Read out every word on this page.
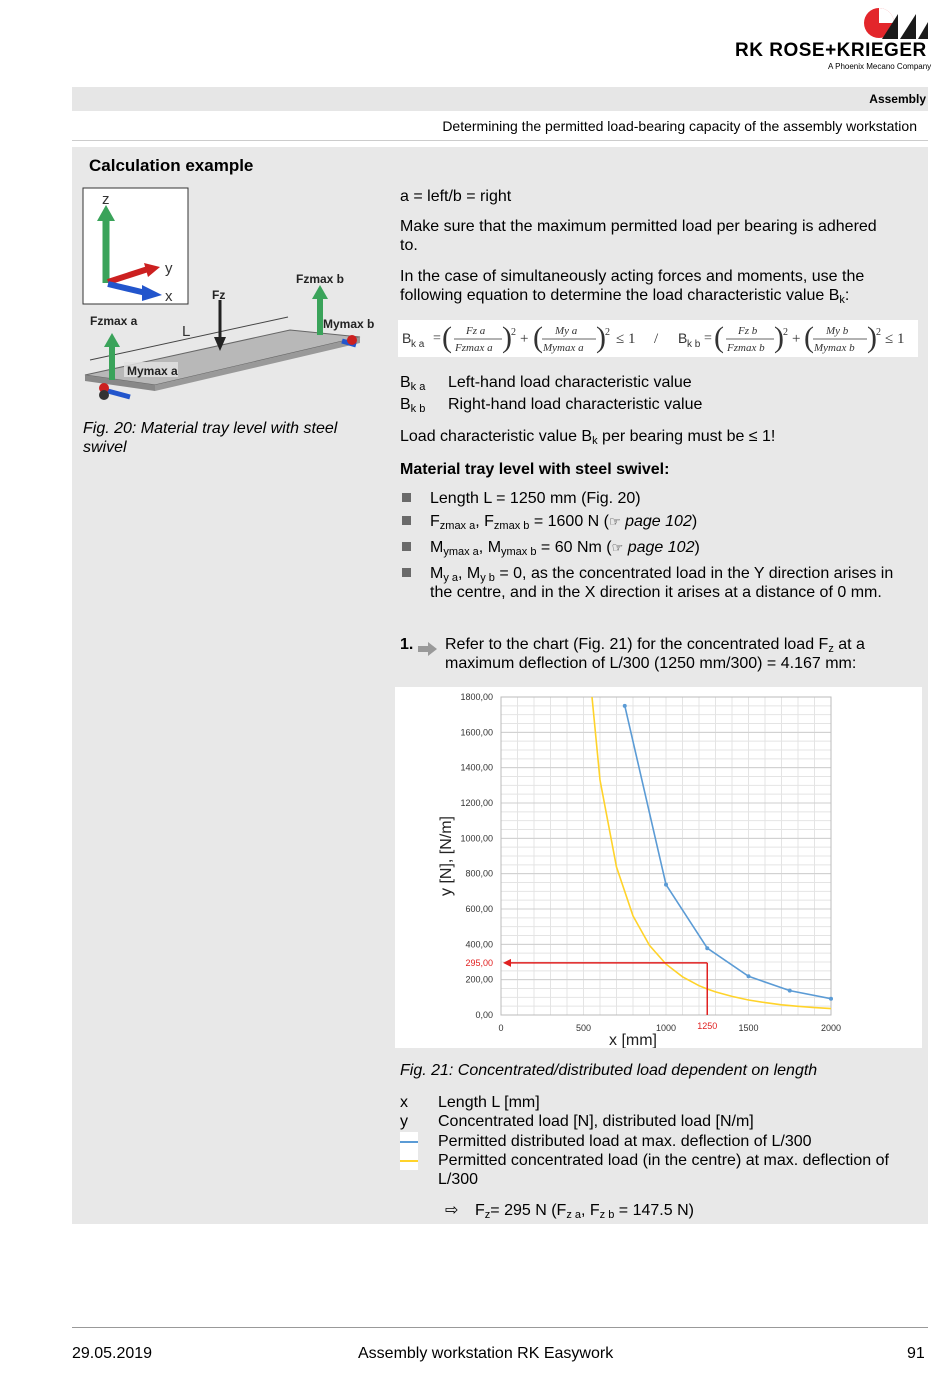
RK ROSE+KRIEGER
A Phoenix Mecano Company
Assembly
Determining the permitted load-bearing capacity of the assembly workstation
Calculation example
z
y
x
L
Fz
Fzmax a
Fzmax b
Mymax b
Mymax a
Fig. 20: Material tray level with steel swivel
a = left/b = right
Make sure that the maximum permitted load per bearing is adhered to.
In the case of simultaneously acting forces and moments, use the following equation to determine the load characteristic value $B_k$:
B k a = ( Fz a
Fzmax a ) 2 + ( My a
Mymax a ) 2 ≤ 1 / B k b = ( Fz b
Fzmax b ) 2 + ( My b
Mymax b ) 2 ≤ 1
$B_{k a}$ Left-hand load characteristic value
$B_{k b}$ Right-hand load characteristic value
Load characteristic value $B_k$ per bearing must be ≤ 1!
Material tray level with steel swivel:
Length L = 1250 mm (Fig. 20)
$F_{zmax a}$, $F_{zmax b} = 1600$ N (☞ page 102)
$M_{ymax a}$, $M_{ymax b} = 60$ Nm (☞ page 102)
$M_{y a}$, $M_{y b} = 0$, as the concentrated load in the Y direction arises in the centre, and in the X direction it arises at a distance of 0 mm.
1. Refer to the chart (Fig. 21) for the concentrated load $F_z$ at a maximum deflection of L/300 (1250 mm/300) = 4.167 mm:
0,00
200,00
400,00
600,00
800,00
1000,00
1200,00
1400,00
1600,00
1800,00
0	500	1000	1500	2000
x [mm]
y [N], [N/m]
295,00
1250
Fig. 21: Concentrated/distributed load dependent on length
x Length L [mm]
y Concentrated load [N], distributed load [N/m]
Permitted distributed load at max. deflection of L/300
Permitted concentrated load (in the centre) at max. deflection of L/300
⇨ $F_z= 295$ N ($F_{z a}$, $F_{z b} = 147.5$ N)
29.05.2019	Assembly workstation RK Easywork	91
